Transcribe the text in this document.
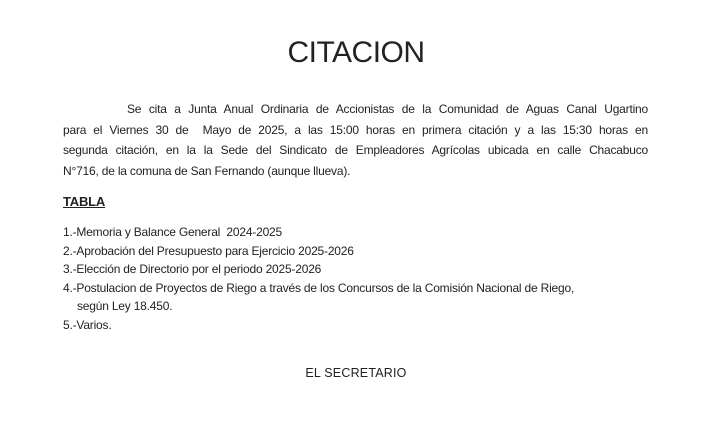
CITACION
Se cita a Junta Anual Ordinaria de Accionistas de la Comunidad de Aguas Canal Ugartino
para el Viernes 30 de  Mayo de 2025, a las 15:00 horas en primera citación y a las 15:30 horas en
segunda citación, en la la Sede del Sindicato de Empleadores Agrícolas ubicada en calle Chacabuco
N°716, de la comuna de San Fernando (aunque llueva).
TABLA
1.-Memoria y Balance General  2024-2025
2.-Aprobación del Presupuesto para Ejercicio 2025-2026
3.-Elección de Directorio por el periodo 2025-2026
4.-Postulacion de Proyectos de Riego a través de los Concursos de la Comisión Nacional de Riego,
según Ley 18.450.
5.-Varios.
EL SECRETARIO
